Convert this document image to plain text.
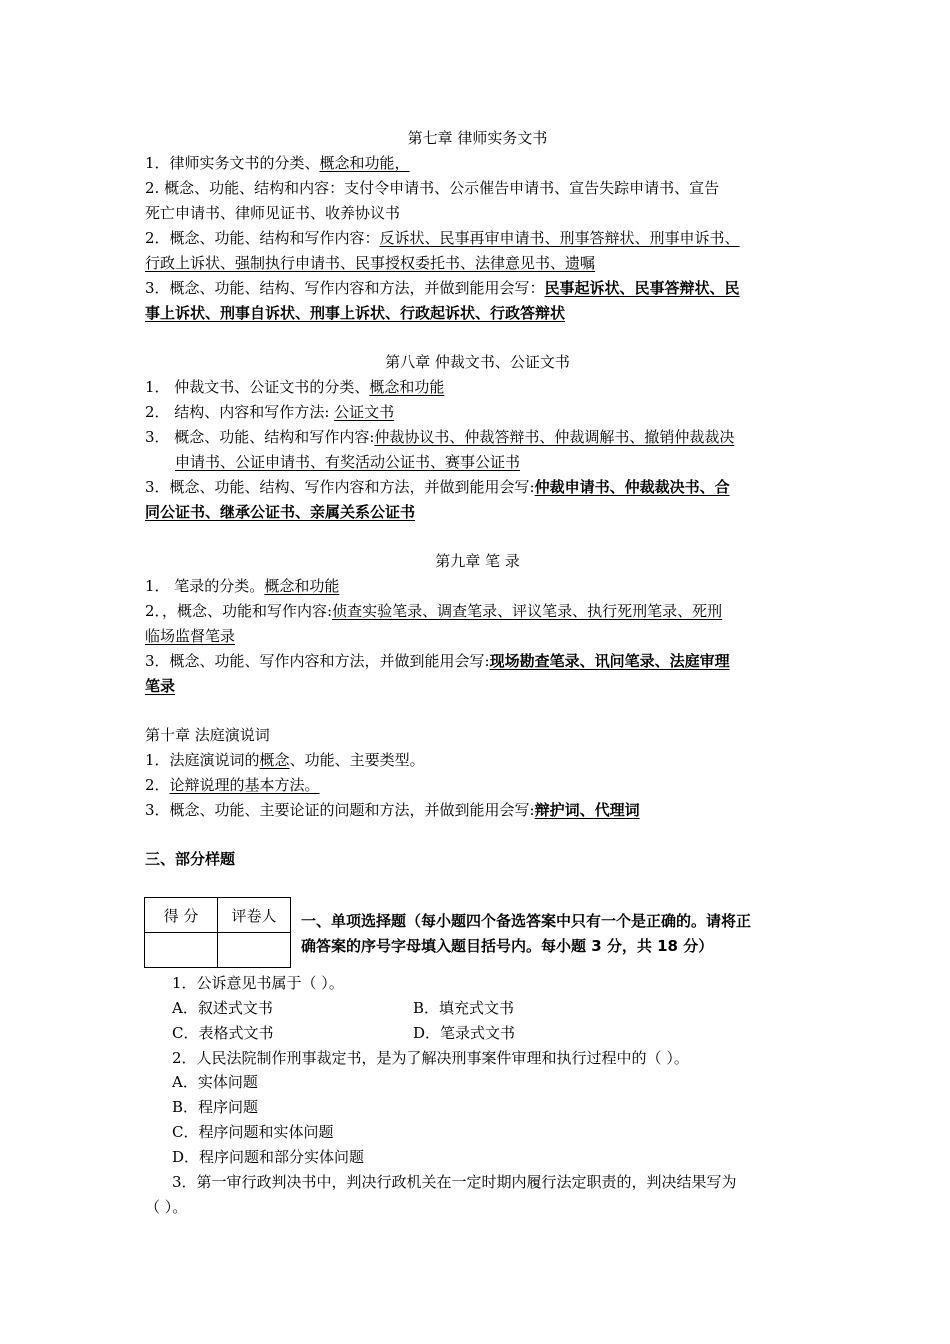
第七章 律师实务文书
1．律师实务文书的分类、概念和功能，
2. 概念、功能、结构和内容：支付令申请书、公示催告申请书、宣告失踪申请书、宣告
死亡申请书、律师见证书、收养协议书
2．概念、功能、结构和写作内容：反诉状、民事再审申请书、刑事答辩状、刑事申诉书、
行政上诉状、强制执行申请书、民事授权委托书、法律意见书、遗嘱
3．概念、功能、结构、写作内容和方法，并做到能用会写：民事起诉状、民事答辩状、民
事上诉状、刑事自诉状、刑事上诉状、行政起诉状、行政答辩状
第八章 仲裁文书、公证文书
1． 仲裁文书、公证文书的分类、概念和功能
2． 结构、内容和写作方法: 公证文书
3． 概念、功能、结构和写作内容:仲裁协议书、仲裁答辩书、仲裁调解书、撤销仲裁裁决
申请书、公证申请书、有奖活动公证书、赛事公证书
3．概念、功能、结构、写作内容和方法，并做到能用会写:仲裁申请书、仲裁裁决书、合
同公证书、继承公证书、亲属关系公证书
第九章 笔 录
1． 笔录的分类。概念和功能
2．，概念、功能和写作内容:侦查实验笔录、调查笔录、评议笔录、执行死刑笔录、死刑
临场监督笔录
3．概念、功能、写作内容和方法，并做到能用会写:现场勘查笔录、讯问笔录、法庭审理
笔录
第十章 法庭演说词
1．法庭演说词的概念、功能、主要类型。
2．论辩说理的基本方法。
3．概念、功能、主要论证的问题和方法，并做到能用会写:辩护词、代理词
三、部分样题
得 分	评卷人
	一、单项选择题（每小题四个备选答案中只有一个是正确的。请将正
确答案的序号字母填入题目括号内。每小题 3 分，共 18 分）
1．公诉意见书属于（ ）。
A．叙述式文书	B．填充式文书
C．表格式文书	D．笔录式文书
2．人民法院制作刑事裁定书，是为了解决刑事案件审理和执行过程中的（ ）。
A．实体问题
B．程序问题
C．程序问题和实体问题
D．程序问题和部分实体问题
3．第一审行政判决书中，判决行政机关在一定时期内履行法定职责的，判决结果写为
（ ）。
